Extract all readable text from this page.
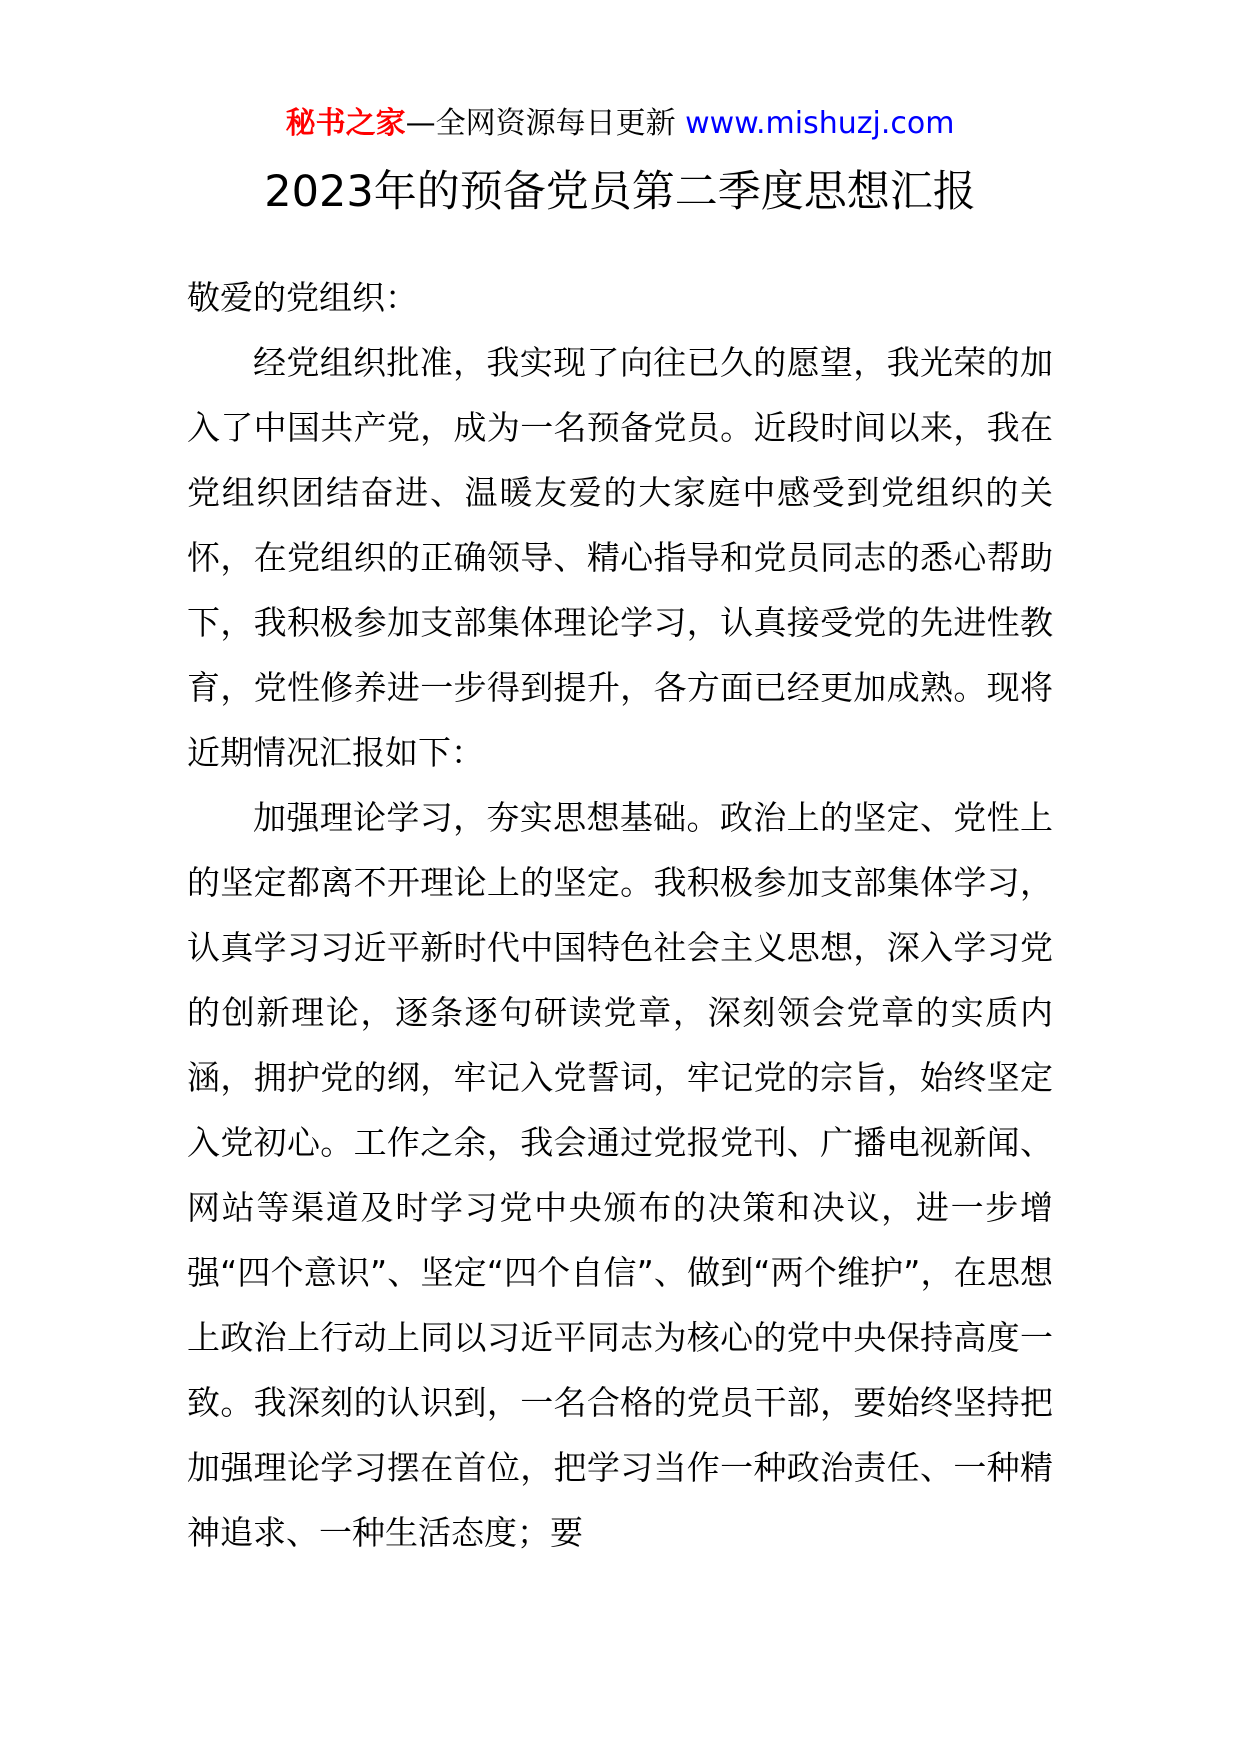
秘书之家—全网资源每日更新 www.mishuzj.com
2023年的预备党员第二季度思想汇报

敬爱的党组织：

经党组织批准，我实现了向往已久的愿望，我光荣的加入了中国共产党，成为一名预备党员。近段时间以来，我在党组织团结奋进、温暖友爱的大家庭中感受到党组织的关怀，在党组织的正确领导、精心指导和党员同志的悉心帮助下，我积极参加支部集体理论学习，认真接受党的先进性教育，党性修养进一步得到提升，各方面已经更加成熟。现将近期情况汇报如下：

加强理论学习，夯实思想基础。政治上的坚定、党性上的坚定都离不开理论上的坚定。我积极参加支部集体学习，认真学习习近平新时代中国特色社会主义思想，深入学习党的创新理论，逐条逐句研读党章，深刻领会党章的实质内涵，拥护党的纲，牢记入党誓词，牢记党的宗旨，始终坚定入党初心。工作之余，我会通过党报党刊、广播电视新闻、网站等渠道及时学习党中央颁布的决策和决议，进一步增强“四个意识”、坚定“四个自信”、做到“两个维护”，在思想上政治上行动上同以习近平同志为核心的党中央保持高度一致。我深刻的认识到，一名合格的党员干部，要始终坚持把加强理论学习摆在首位，把学习当作一种政治责任、一种精神追求、一种生活态度；要
